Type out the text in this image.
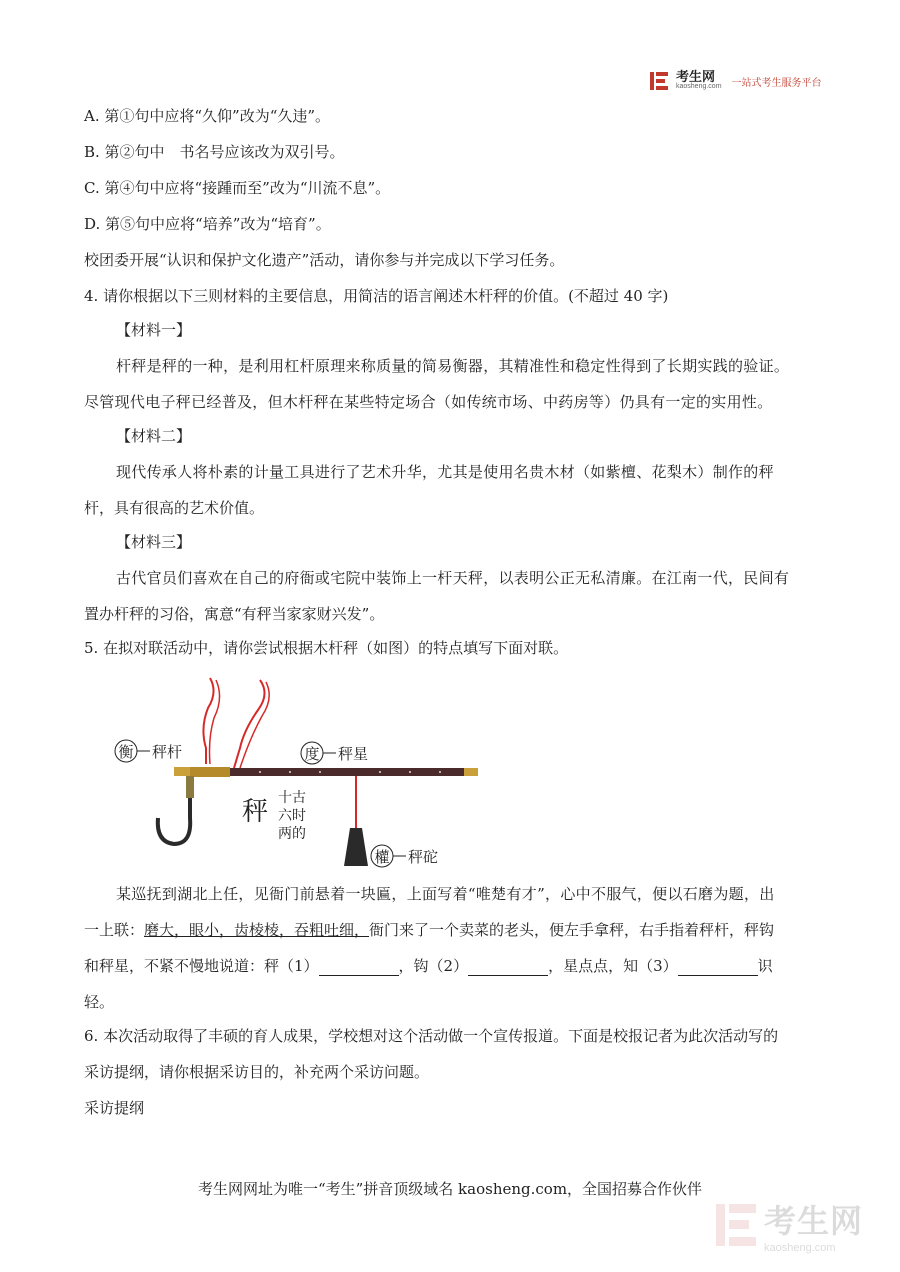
考生网
kaosheng.com 一站式考生服务平台
A. 第①句中应将“久仰”改为“久违”。
B. 第②句中　书名号应该改为双引号。
C. 第④句中应将“接踵而至”改为“川流不息”。
D. 第⑤句中应将“培养”改为“培育”。
校团委开展“认识和保护文化遗产”活动，请你参与并完成以下学习任务。
4. 请你根据以下三则材料的主要信息，用简洁的语言阐述木杆秤的价值。(不超过 40 字)
【材料一】
杆秤是秤的一种，是利用杠杆原理来称质量的简易衡器，其精准性和稳定性得到了长期实践的验证。
尽管现代电子秤已经普及，但木杆秤在某些特定场合（如传统市场、中药房等）仍具有一定的实用性。
【材料二】
现代传承人将朴素的计量工具进行了艺术升华，尤其是使用名贵木材（如紫檀、花梨木）制作的秤
杆，具有很高的艺术价值。
【材料三】
古代官员们喜欢在自己的府衙或宅院中装饰上一杆天秤，以表明公正无私清廉。在江南一代，民间有
置办杆秤的习俗，寓意“有秤当家家财兴发”。
5. 在拟对联活动中，请你尝试根据木杆秤（如图）的特点填写下面对联。
衡 秤杆	度 秤星
權 秤砣
秤 十古
六时
两的
某巡抚到湖北上任，见衙门前悬着一块匾，上面写着“唯楚有才”，心中不服气，便以石磨为题，出
一上联：磨大，眼小，齿棱棱，吞粗吐细，衙门来了一个卖菜的老头，便左手拿秤，右手指着秤杆，秤钩
和秤星，不紧不慢地说道：秤（1）	，钩（2）	，星点点，知（3）	识
轻。
6. 本次活动取得了丰硕的育人成果，学校想对这个活动做一个宣传报道。下面是校报记者为此次活动写的
采访提纲，请你根据采访目的，补充两个采访问题。
采访提纲
考生网网址为唯一“考生”拼音顶级域名 kaosheng.com，全国招募合作伙伴
考生网
kaosheng.com
